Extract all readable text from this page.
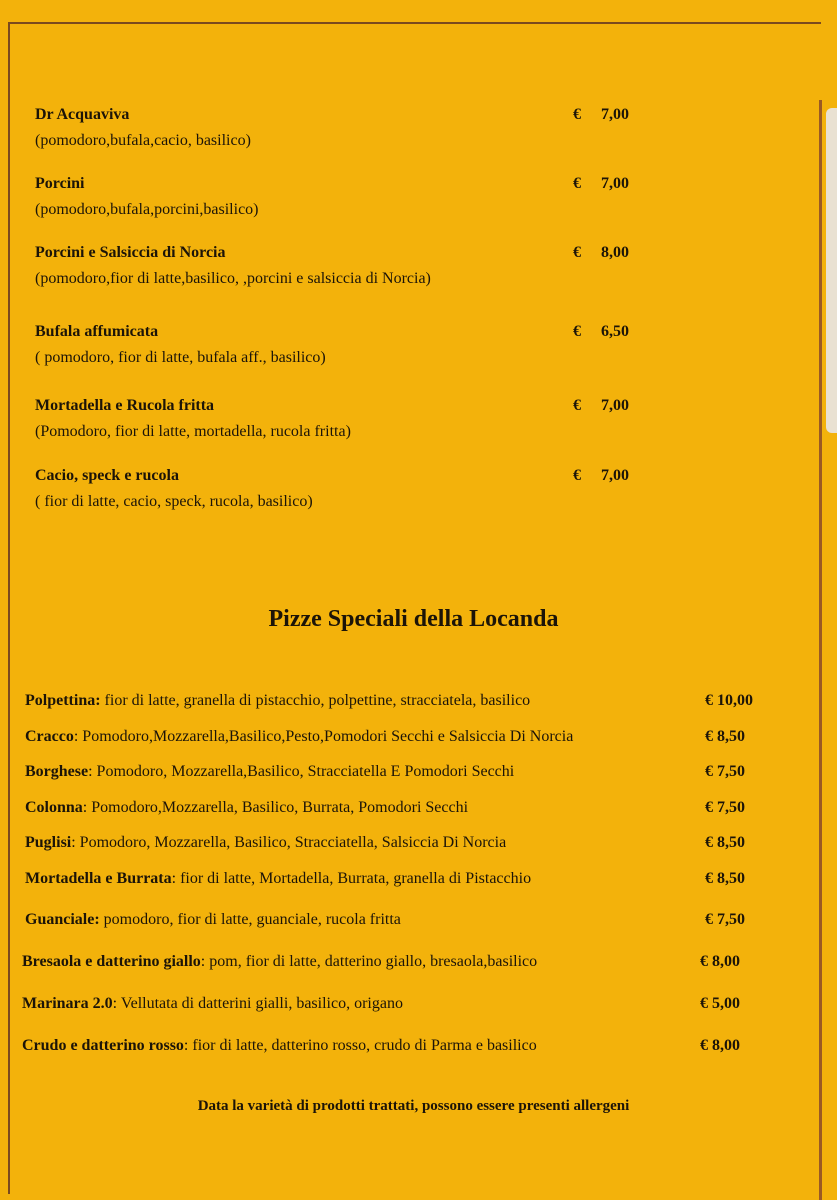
Dr Acquaviva
(pomodoro,bufala,cacio, basilico)
€ 7,00
Porcini
(pomodoro,bufala,porcini,basilico)
€ 7,00
Porcini e Salsiccia di Norcia
(pomodoro,fior di latte,basilico, ,porcini e salsiccia di Norcia)
€ 8,00
Bufala affumicata
( pomodoro, fior di latte, bufala aff., basilico)
€ 6,50
Mortadella e Rucola fritta
(Pomodoro, fior di latte, mortadella, rucola fritta)
€ 7,00
Cacio, speck e rucola
( fior di latte, cacio, speck, rucola, basilico)
€ 7,00
Pizze Speciali della Locanda
Polpettina: fior di latte, granella di pistacchio, polpettine, stracciatela, basilico	€ 10,00
Cracco: Pomodoro,Mozzarella,Basilico,Pesto,Pomodori Secchi e Salsiccia Di Norcia	€ 8,50
Borghese: Pomodoro, Mozzarella,Basilico, Stracciatella E Pomodori Secchi	€ 7,50
Colonna: Pomodoro,Mozzarella, Basilico, Burrata, Pomodori Secchi	€ 7,50
Puglisi: Pomodoro, Mozzarella, Basilico, Stracciatella, Salsiccia Di Norcia	€ 8,50
Mortadella e Burrata: fior di latte, Mortadella, Burrata, granella di Pistacchio	€ 8,50
Guanciale: pomodoro, fior di latte, guanciale, rucola fritta	€ 7,50
Bresaola e datterino giallo: pom, fior di latte, datterino giallo, bresaola,basilico	€ 8,00
Marinara 2.0: Vellutata di datterini gialli, basilico, origano	€ 5,00
Crudo e datterino rosso: fior di latte, datterino rosso, crudo di Parma e basilico	€ 8,00
Data la varietà di prodotti trattati, possono essere presenti allergeni
